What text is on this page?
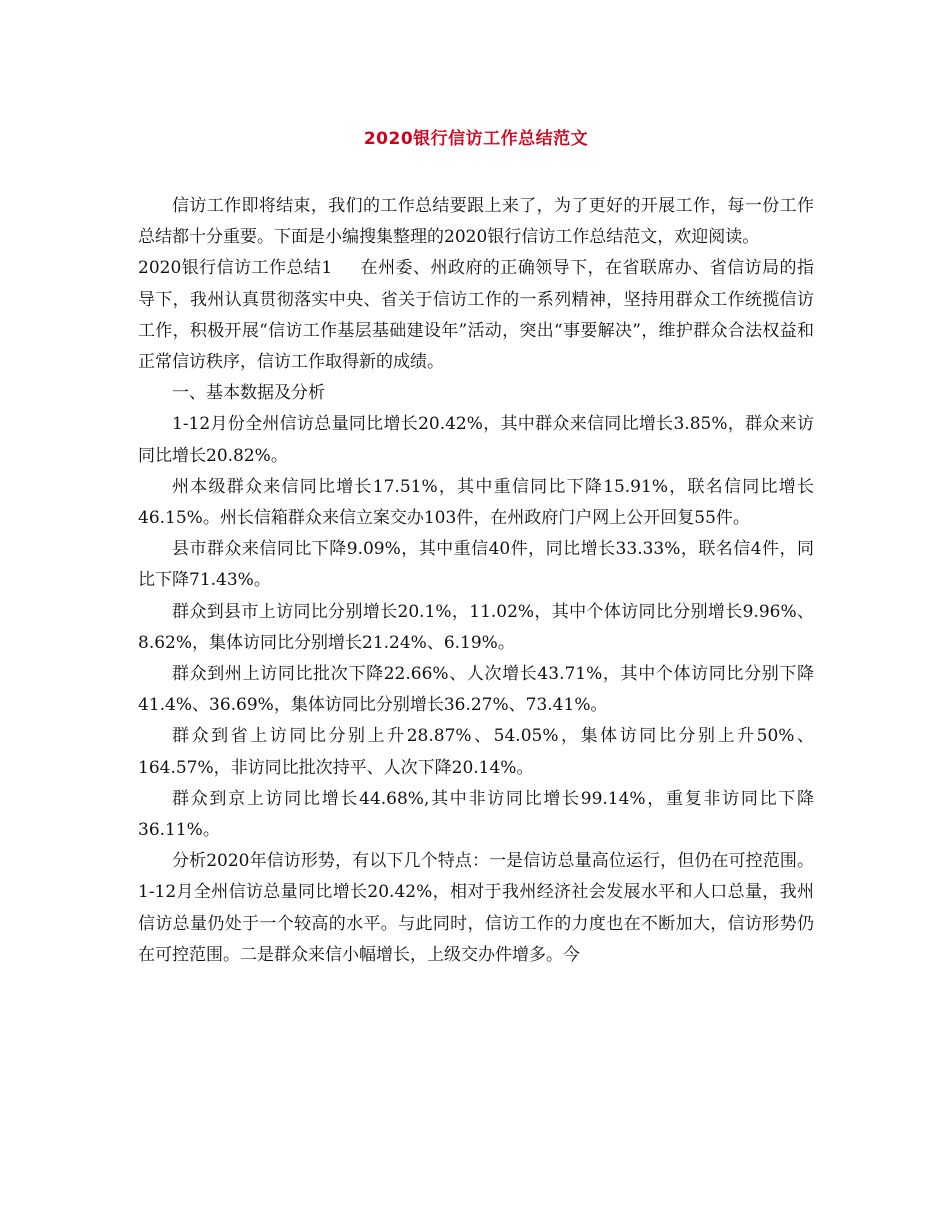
2020银行信访工作总结范文

信访工作即将结束，我们的工作总结要跟上来了，为了更好的开展工作，每一份工作总结都十分重要。下面是小编搜集整理的2020银行信访工作总结范文，欢迎阅读。

2020银行信访工作总结1 在州委、州政府的正确领导下，在省联席办、省信访局的指导下，我州认真贯彻落实中央、省关于信访工作的一系列精神，坚持用群众工作统揽信访工作，积极开展“信访工作基层基础建设年”活动，突出“事要解决”，维护群众合法权益和正常信访秩序，信访工作取得新的成绩。

一、基本数据及分析

1-12月份全州信访总量同比增长20.42%，其中群众来信同比增长3.85%，群众来访同比增长20.82%。

州本级群众来信同比增长17.51%，其中重信同比下降15.91%，联名信同比增长46.15%。州长信箱群众来信立案交办103件，在州政府门户网上公开回复55件。

县市群众来信同比下降9.09%，其中重信40件，同比增长33.33%，联名信4件，同比下降71.43%。

群众到县市上访同比分别增长20.1%，11.02%，其中个体访同比分别增长9.96%、8.62%，集体访同比分别增长21.24%、6.19%。

群众到州上访同比批次下降22.66%、人次增长43.71%，其中个体访同比分别下降41.4%、36.69%，集体访同比分别增长36.27%、73.41%。

群众到省上访同比分别上升28.87%、54.05%，集体访同比分别上升50%、164.57%，非访同比批次持平、人次下降20.14%。

群众到京上访同比增长44.68%,其中非访同比增长99.14%，重复非访同比下降36.11%。

分析2020年信访形势，有以下几个特点：一是信访总量高位运行，但仍在可控范围。1-12月全州信访总量同比增长20.42%，相对于我州经济社会发展水平和人口总量，我州信访总量仍处于一个较高的水平。与此同时，信访工作的力度也在不断加大，信访形势仍在可控范围。二是群众来信小幅增长，上级交办件增多。今
